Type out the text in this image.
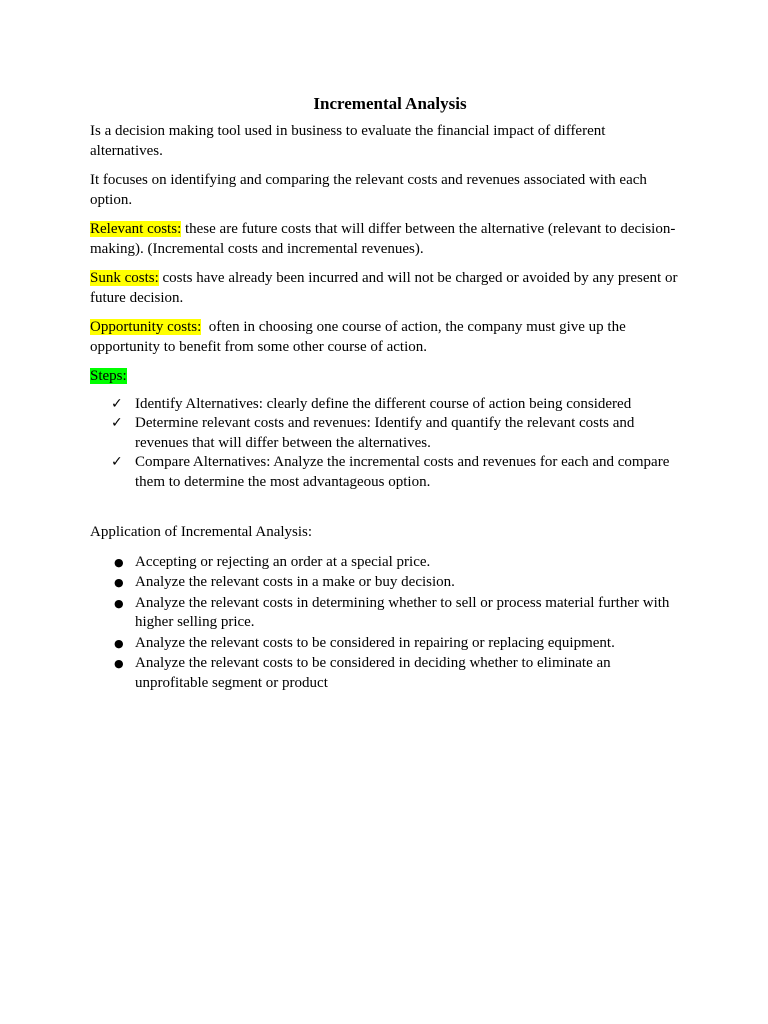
Incremental Analysis

Is a decision making tool used in business to evaluate the financial impact of different alternatives.

It focuses on identifying and comparing the relevant costs and revenues associated with each option.

Relevant costs: these are future costs that will differ between the alternative (relevant to decision-making). (Incremental costs and incremental revenues).

Sunk costs: costs have already been incurred and will not be charged or avoided by any present or future decision.

Opportunity costs:  often in choosing one course of action, the company must give up the opportunity to benefit from some other course of action.

Steps:

✓ Identify Alternatives: clearly define the different course of action being considered
✓ Determine relevant costs and revenues: Identify and quantify the relevant costs and revenues that will differ between the alternatives.
✓ Compare Alternatives: Analyze the incremental costs and revenues for each and compare them to determine the most advantageous option.

Application of Incremental Analysis:

● Accepting or rejecting an order at a special price.
● Analyze the relevant costs in a make or buy decision.
● Analyze the relevant costs in determining whether to sell or process material further with higher selling price.
● Analyze the relevant costs to be considered in repairing or replacing equipment.
● Analyze the relevant costs to be considered in deciding whether to eliminate an unprofitable segment or product
